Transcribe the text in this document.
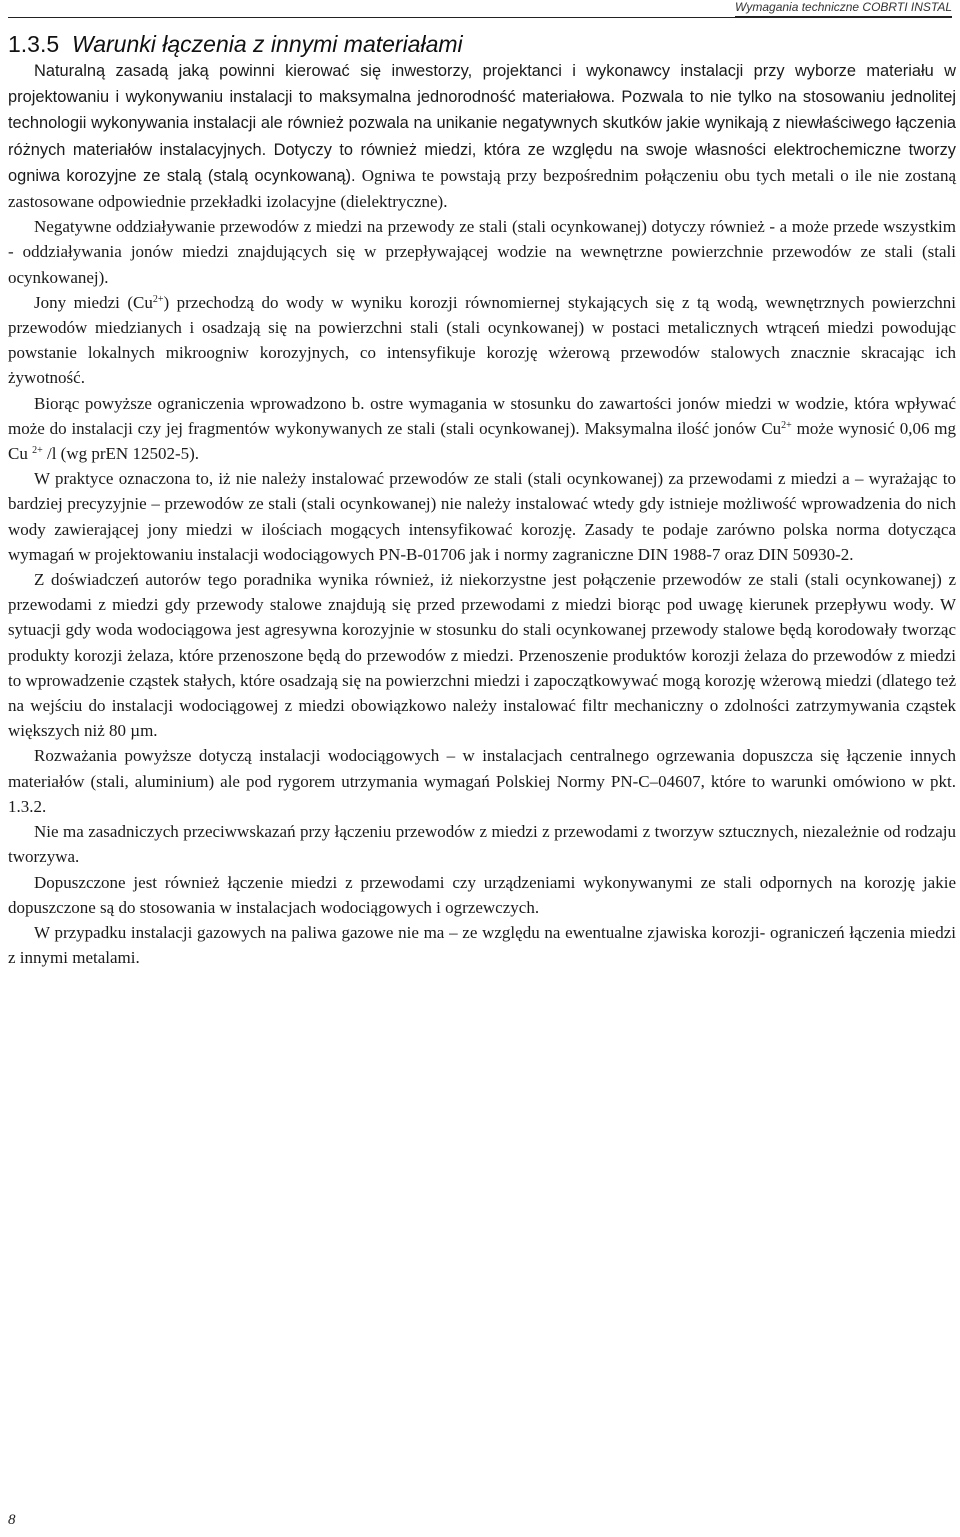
Wymagania techniczne COBRTI INSTAL
1.3.5 Warunki łączenia z innymi materiałami

Naturalną zasadą jaką powinni kierować się inwestorzy, projektanci i wykonawcy instalacji przy wyborze materiału w projektowaniu i wykonywaniu instalacji to maksymalna jednorodność materiałowa. Pozwala to nie tylko na stosowaniu jednolitej technologii wykonywania instalacji ale również pozwala na unikanie negatywnych skutków jakie wynikają z niewłaściwego łączenia różnych materiałów instalacyjnych. Dotyczy to również miedzi, która ze względu na swoje własności elektrochemiczne tworzy ogniwa korozyjne ze stalą (stalą ocynkowaną). Ogniwa te powstają przy bezpośrednim połączeniu obu tych metali o ile nie zostaną zastosowane odpowiednie przekładki izolacyjne (dielektryczne).

Negatywne oddziaływanie przewodów z miedzi na przewody ze stali (stali ocynkowanej) dotyczy również - a może przede wszystkim - oddziaływania jonów miedzi znajdujących się w przepływającej wodzie na wewnętrzne powierzchnie przewodów ze stali (stali ocynkowanej).

Jony miedzi $(Cu^{2+})$ przechodzą do wody w wyniku korozji równomiernej stykających się z tą wodą, wewnętrznych powierzchni przewodów miedzianych i osadzają się na powierzchni stali (stali ocynkowanej) w postaci metalicznych wtrąceń miedzi powodując powstanie lokalnych mikroogniw korozyjnych, co intensyfikuje korozję wżerową przewodów stalowych znacznie skracając ich żywotność.

Biorąc powyższe ograniczenia wprowadzono b. ostre wymagania w stosunku do zawartości jonów miedzi w wodzie, która wpływać może do instalacji czy jej fragmentów wykonywanych ze stali (stali ocynkowanej). Maksymalna ilość jonów $Cu^{2+}$ może wynosić 0,06 mg Cu $^{2+}$ /l (wg prEN 12502-5).

W praktyce oznaczona to, iż nie należy instalować przewodów ze stali (stali ocynkowanej) za przewodami z miedzi a – wyrażając to bardziej precyzyjnie – przewodów ze stali (stali ocynkowanej) nie należy instalować wtedy gdy istnieje możliwość wprowadzenia do nich wody zawierającej jony miedzi w ilościach mogących intensyfikować korozję. Zasady te podaje zarówno polska norma dotycząca wymagań w projektowaniu instalacji wodociągowych PN-B-01706 jak i normy zagraniczne DIN 1988-7 oraz DIN 50930-2.

Z doświadczeń autorów tego poradnika wynika również, iż niekorzystne jest połączenie przewodów ze stali (stali ocynkowanej) z przewodami z miedzi gdy przewody stalowe znajdują się przed przewodami z miedzi biorąc pod uwagę kierunek przepływu wody. W sytuacji gdy woda wodociągowa jest agresywna korozyjnie w stosunku do stali ocynkowanej przewody stalowe będą korodowały tworząc produkty korozji żelaza, które przenoszone będą do przewodów z miedzi. Przenoszenie produktów korozji żelaza do przewodów z miedzi to wprowadzenie cząstek stałych, które osadzają się na powierzchni miedzi i zapoczątkowywać mogą korozję wżerową miedzi (dlatego też na wejściu do instalacji wodociągowej z miedzi obowiązkowo należy instalować filtr mechaniczny o zdolności zatrzymywania cząstek większych niż 80 µm.

Rozważania powyższe dotyczą instalacji wodociągowych – w instalacjach centralnego ogrzewania dopuszcza się łączenie innych materiałów (stali, aluminium) ale pod rygorem utrzymania wymagań Polskiej Normy PN-C–04607, które to warunki omówiono w pkt. 1.3.2.

Nie ma zasadniczych przeciwwskazań przy łączeniu przewodów z miedzi z przewodami z tworzyw sztucznych, niezależnie od rodzaju tworzywa.

Dopuszczone jest również łączenie miedzi z przewodami czy urządzeniami wykonywanymi ze stali odpornych na korozję jakie dopuszczone są do stosowania w instalacjach wodociągowych i ogrzewczych.

W przypadku instalacji gazowych na paliwa gazowe nie ma – ze względu na ewentualne zjawiska korozji- ograniczeń łączenia miedzi z innymi metalami.

8
